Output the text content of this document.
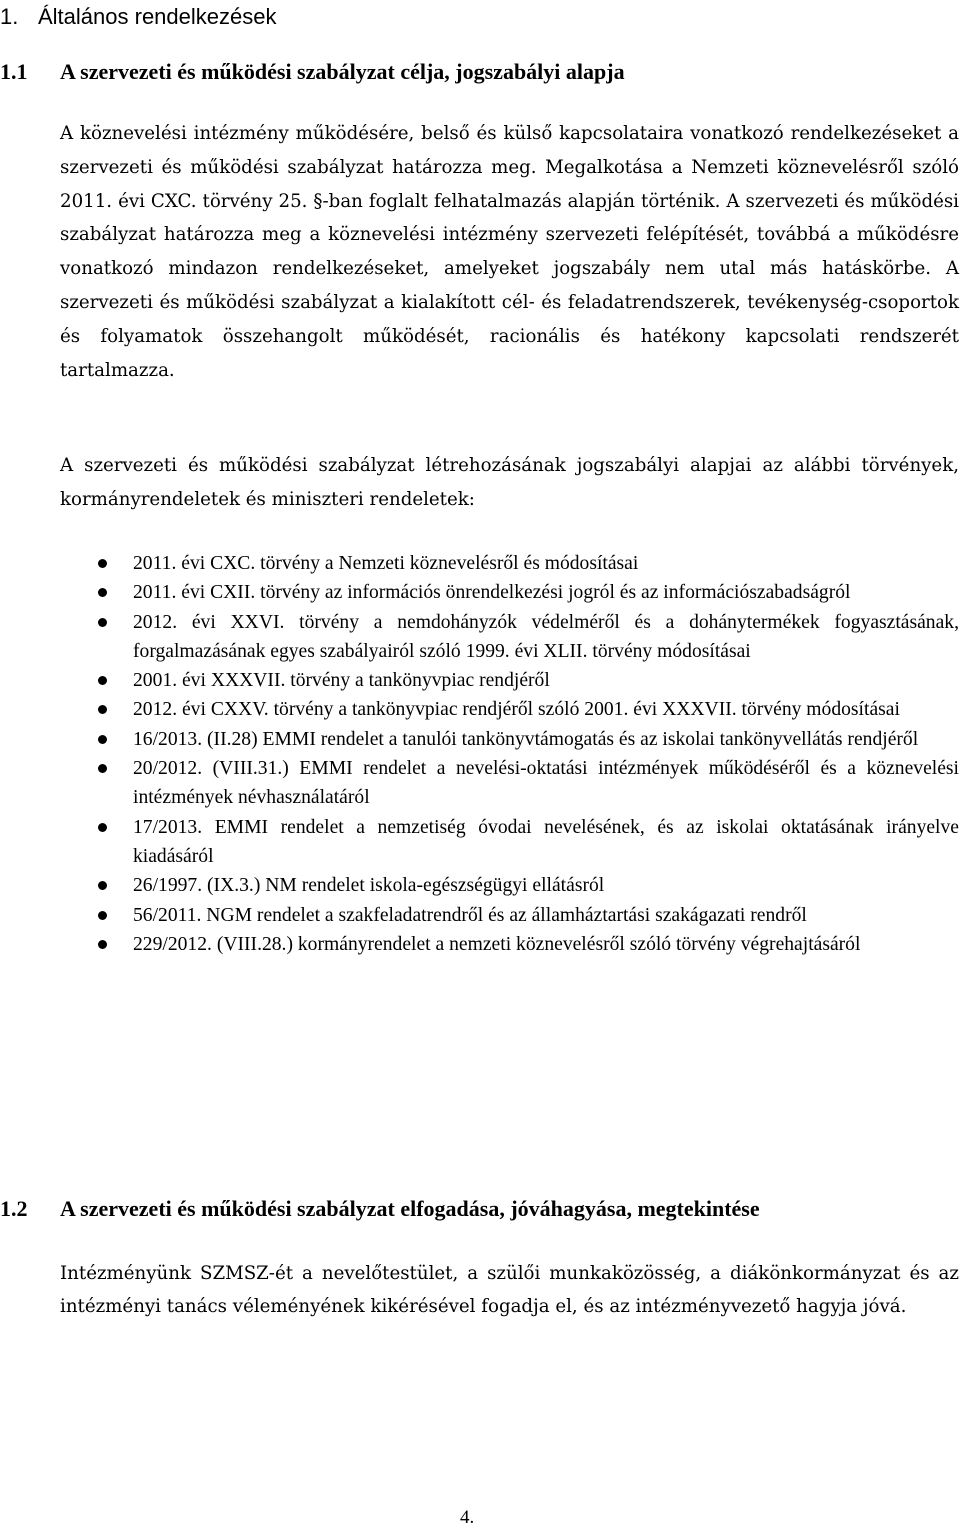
1. Általános rendelkezések
1.1 A szervezeti és működési szabályzat célja, jogszabályi alapja

A köznevelési intézmény működésére, belső és külső kapcsolataira vonatkozó rendelkezéseket a szervezeti és működési szabályzat határozza meg. Megalkotása a Nemzeti köznevelésről szóló 2011. évi CXC. törvény 25. §-ban foglalt felhatalmazás alapján történik. A szervezeti és működési szabályzat határozza meg a köznevelési intézmény szervezeti felépítését, továbbá a működésre vonatkozó mindazon rendelkezéseket, amelyeket jogszabály nem utal más hatáskörbe. A szervezeti és működési szabályzat a kialakított cél- és feladatrendszerek, tevékenység-csoportok és folyamatok összehangolt működését, racionális és hatékony kapcsolati rendszerét tartalmazza.

A szervezeti és működési szabályzat létrehozásának jogszabályi alapjai az alábbi törvények, kormányrendeletek és miniszteri rendeletek:

2011. évi CXC. törvény a Nemzeti köznevelésről és módosításai
2011. évi CXII. törvény az információs önrendelkezési jogról és az információszabadságról
2012. évi XXVI. törvény a nemdohányzók védelméről és a dohánytermékek fogyasztásának, forgalmazásának egyes szabályairól szóló 1999. évi XLII. törvény módosításai
2001. évi XXXVII. törvény a tankönyvpiac rendjéről
2012. évi CXXV. törvény a tankönyvpiac rendjéről szóló 2001. évi XXXVII. törvény módosításai
16/2013. (II.28) EMMI rendelet a tanulói tankönyvtámogatás és az iskolai tankönyvellátás rendjéről
20/2012. (VIII.31.) EMMI rendelet a nevelési-oktatási intézmények működéséről és a köznevelési intézmények névhasználatáról
17/2013. EMMI rendelet a nemzetiség óvodai nevelésének, és az iskolai oktatásának irányelve kiadásáról
26/1997. (IX.3.) NM rendelet iskola-egészségügyi ellátásról
56/2011. NGM rendelet a szakfeladatrendről és az államháztartási szakágazati rendről
229/2012. (VIII.28.) kormányrendelet a nemzeti köznevelésről szóló törvény végrehajtásáról
1.2 A szervezeti és működési szabályzat elfogadása, jóváhagyása, megtekintése

Intézményünk SZMSZ-ét a nevelőtestület, a szülői munkaközösség, a diákönkormányzat és az intézményi tanács véleményének kikérésével fogadja el, és az intézményvezető hagyja jóvá.

4.
